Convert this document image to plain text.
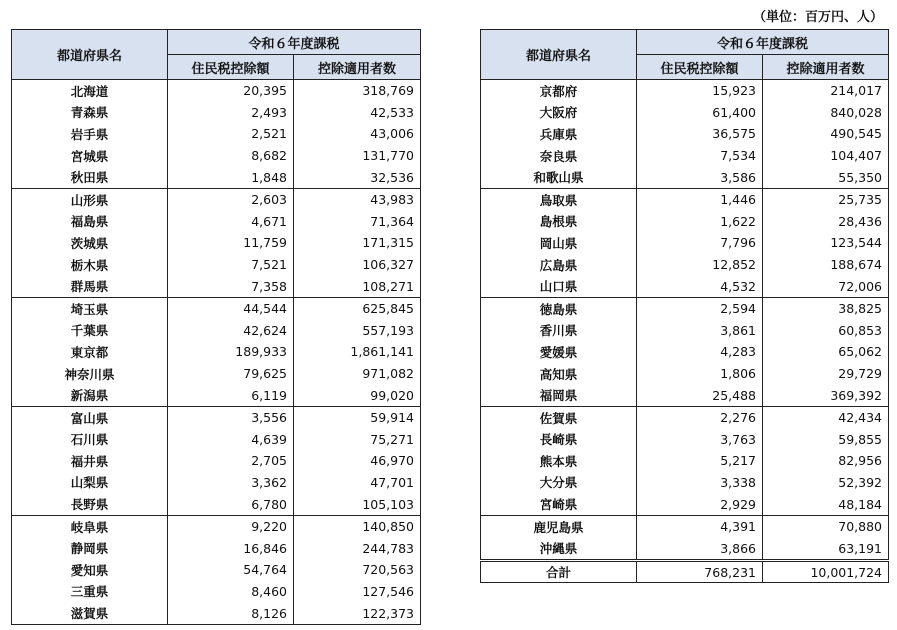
（単位：百万円、人）
都道府県名	令和６年度課税	
	住民税控除額	控除適用者数
北海道	20,395	318,769
青森県	2,493	42,533
岩手県	2,521	43,006
宮城県	8,682	131,770
秋田県	1,848	32,536
山形県	2,603	43,983
福島県	4,671	71,364
茨城県	11,759	171,315
栃木県	7,521	106,327
群馬県	7,358	108,271
埼玉県	44,544	625,845
千葉県	42,624	557,193
東京都	189,933	1,861,141
神奈川県	79,625	971,082
新潟県	6,119	99,020
富山県	3,556	59,914
石川県	4,639	75,271
福井県	2,705	46,970
山梨県	3,362	47,701
長野県	6,780	105,103
岐阜県	9,220	140,850
静岡県	16,846	244,783
愛知県	54,764	720,563
三重県	8,460	127,546
滋賀県	8,126	122,373
都道府県名	令和６年度課税	
	住民税控除額	控除適用者数
京都府	15,923	214,017
大阪府	61,400	840,028
兵庫県	36,575	490,545
奈良県	7,534	104,407
和歌山県	3,586	55,350
鳥取県	1,446	25,735
島根県	1,622	28,436
岡山県	7,796	123,544
広島県	12,852	188,674
山口県	4,532	72,006
徳島県	2,594	38,825
香川県	3,861	60,853
愛媛県	4,283	65,062
高知県	1,806	29,729
福岡県	25,488	369,392
佐賀県	2,276	42,434
長崎県	3,763	59,855
熊本県	5,217	82,956
大分県	3,338	52,392
宮崎県	2,929	48,184
鹿児島県	4,391	70,880
沖縄県	3,866	63,191
合計	768,231	10,001,724
